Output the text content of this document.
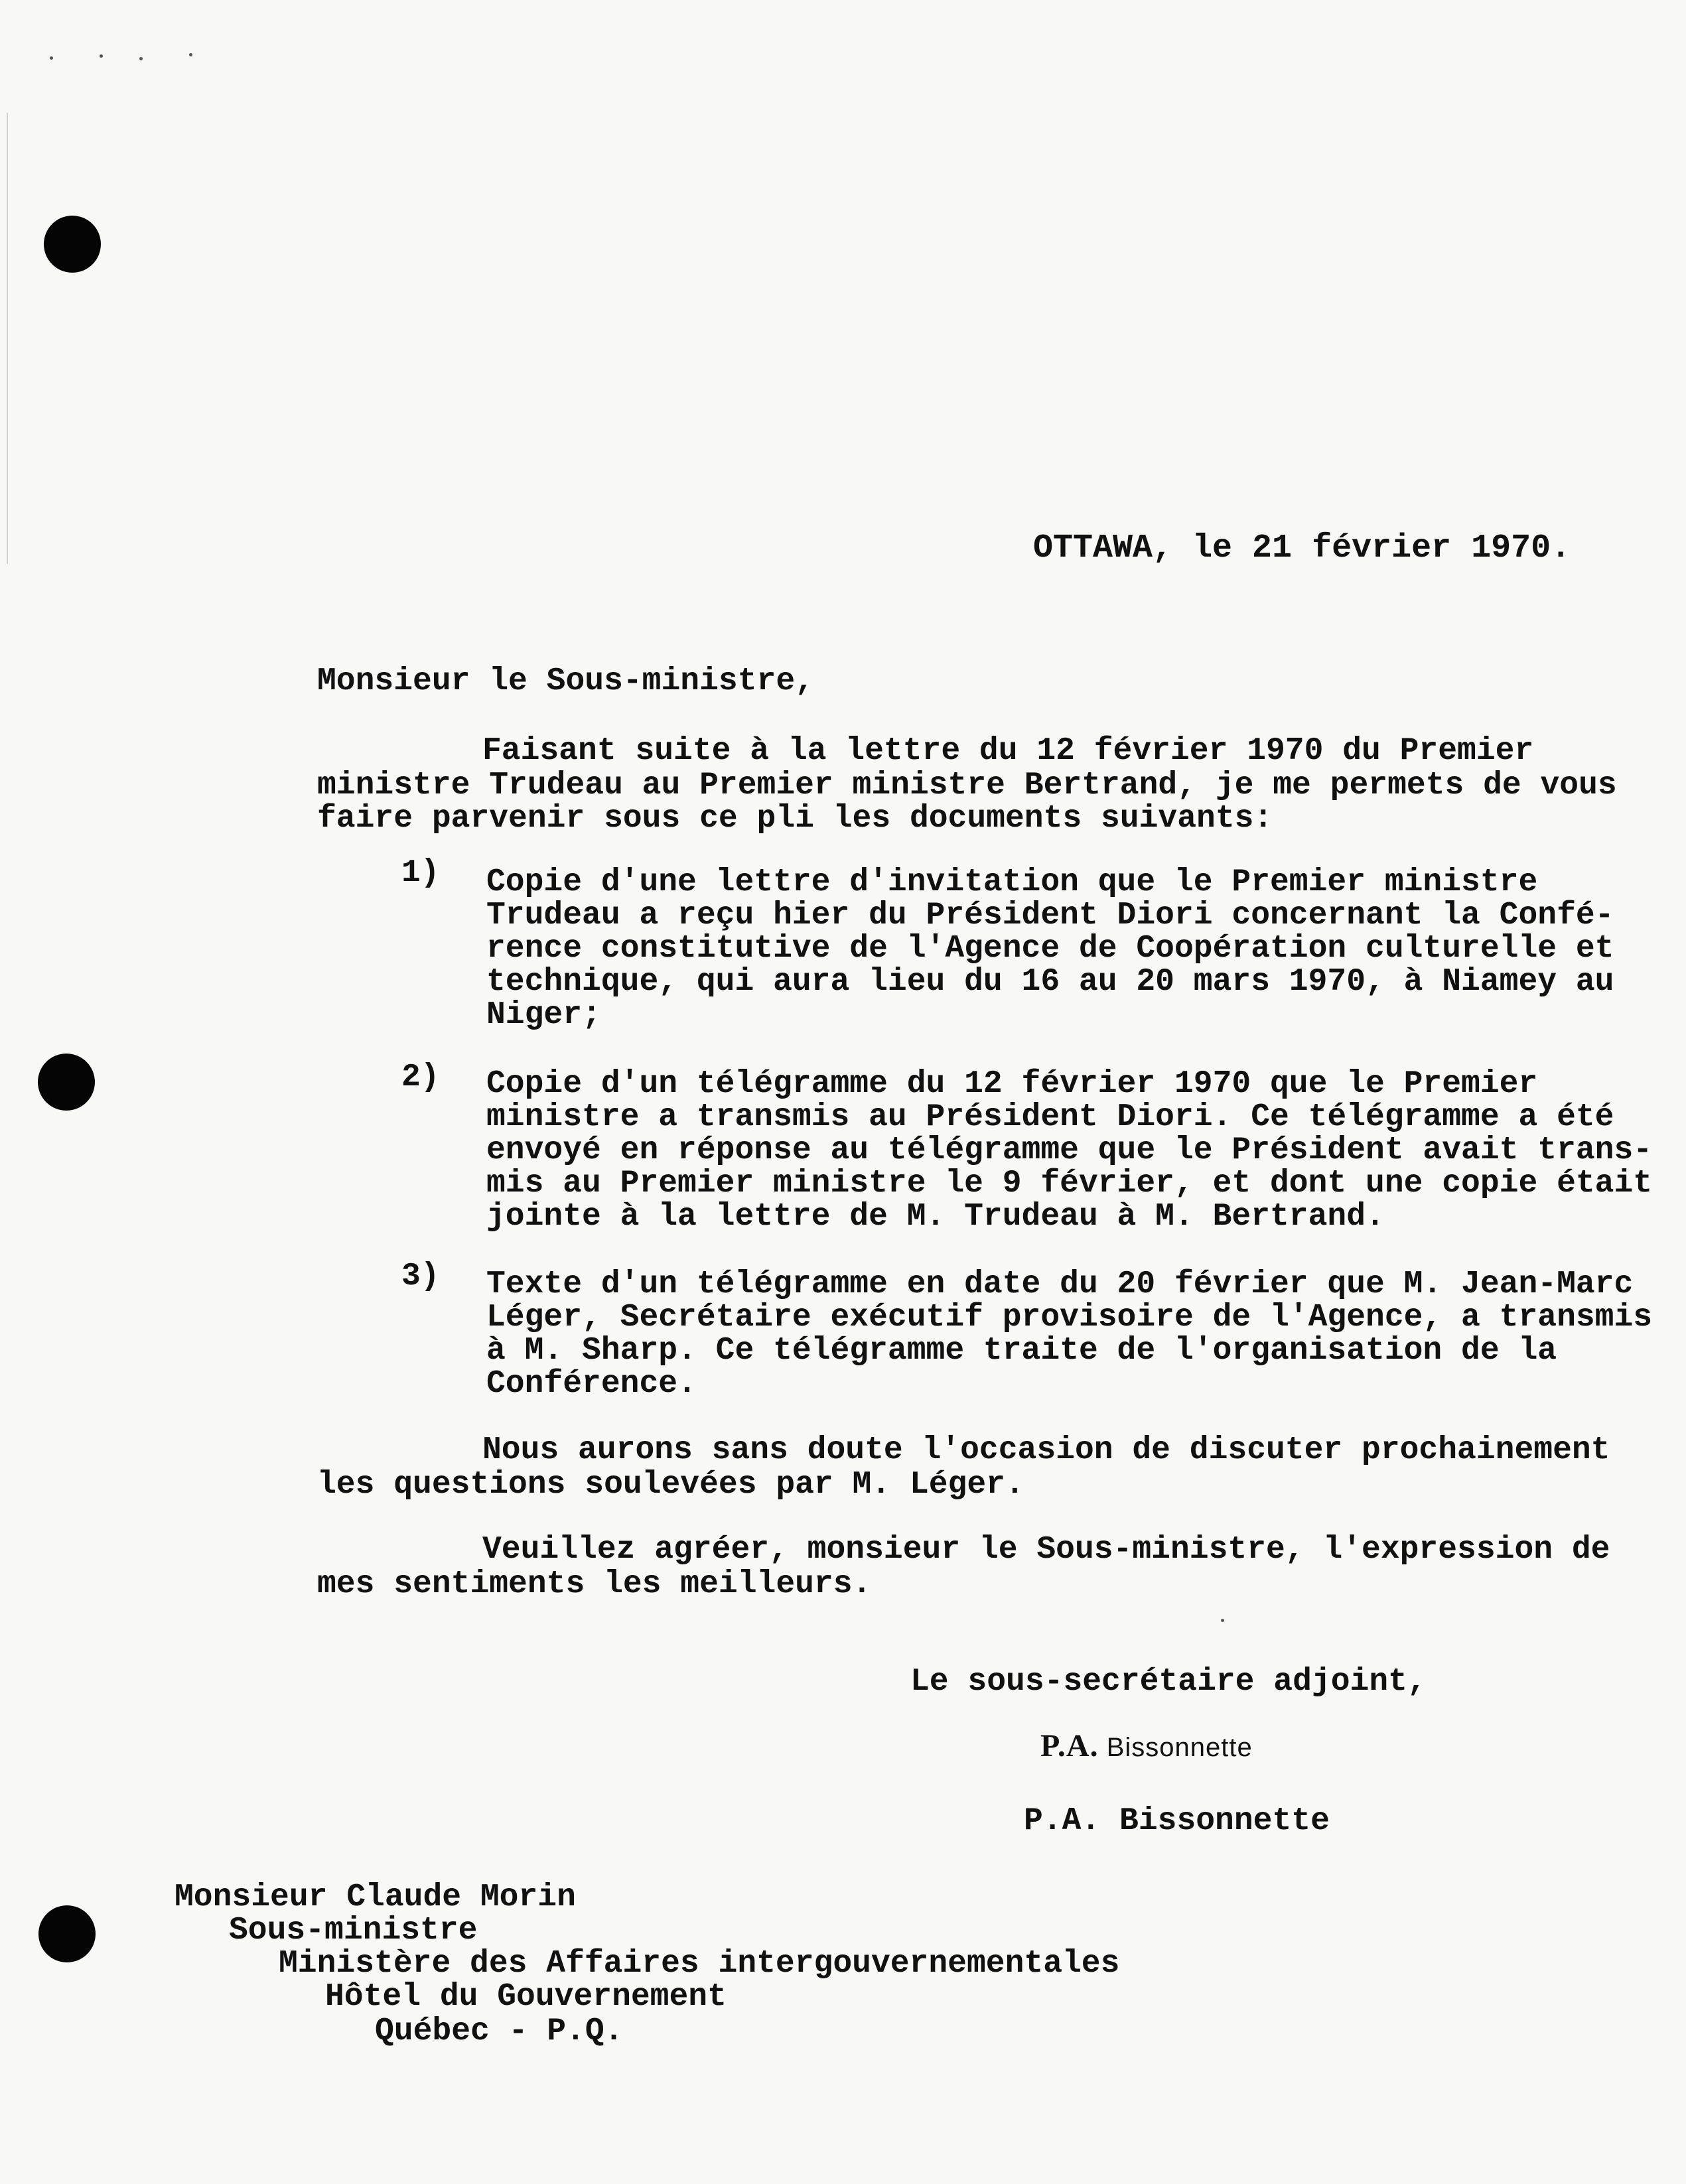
OTTAWA, le 21 février 1970.
Monsieur le Sous-ministre,
Faisant suite à la lettre du 12 février 1970 du Premier
ministre Trudeau au Premier ministre Bertrand, je me permets de vous
faire parvenir sous ce pli les documents suivants:
1) Copie d'une lettre d'invitation que le Premier ministre
Trudeau a reçu hier du Président Diori concernant la Confé-
rence constitutive de l'Agence de Coopération culturelle et
technique, qui aura lieu du 16 au 20 mars 1970, à Niamey au
Niger;
2) Copie d'un télégramme du 12 février 1970 que le Premier
ministre a transmis au Président Diori. Ce télégramme a été
envoyé en réponse au télégramme que le Président avait trans-
mis au Premier ministre le 9 février, et dont une copie était
jointe à la lettre de M. Trudeau à M. Bertrand.
3) Texte d'un télégramme en date du 20 février que M. Jean-Marc
Léger, Secrétaire exécutif provisoire de l'Agence, a transmis
à M. Sharp. Ce télégramme traite de l'organisation de la
Conférence.
Nous aurons sans doute l'occasion de discuter prochainement
les questions soulevées par M. Léger.
Veuillez agréer, monsieur le Sous-ministre, l'expression de
mes sentiments les meilleurs.
Le sous-secrétaire adjoint,
P.A. Bissonnette
P.A. Bissonnette
Monsieur Claude Morin
Sous-ministre
Ministère des Affaires intergouvernementales
Hôtel du Gouvernement
Québec - P.Q.
